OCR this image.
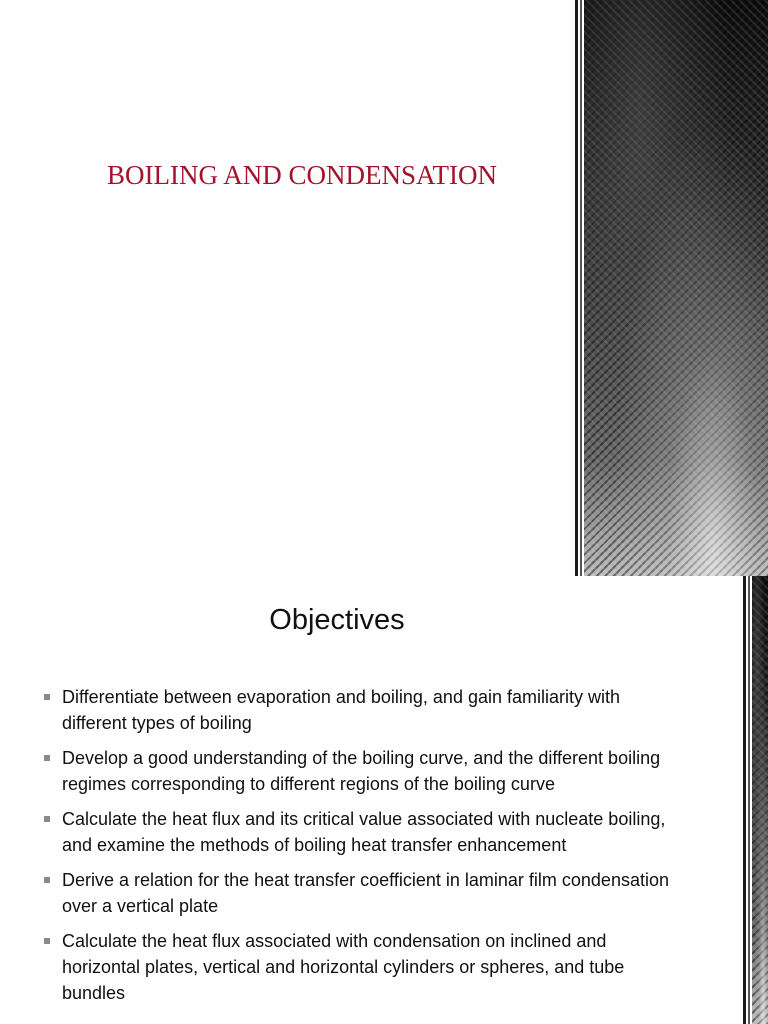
BOILING AND CONDENSATION
Objectives
Differentiate between evaporation and boiling, and gain familiarity with different types of boiling
Develop a good understanding of the boiling curve, and the different boiling regimes corresponding to different regions of the boiling curve
Calculate the heat flux and its critical value associated with nucleate boiling, and examine the methods of boiling heat transfer enhancement
Derive a relation for the heat transfer coefficient in laminar film condensation over a vertical plate
Calculate the heat flux associated with condensation on inclined and horizontal plates, vertical and horizontal cylinders or spheres, and tube bundles
